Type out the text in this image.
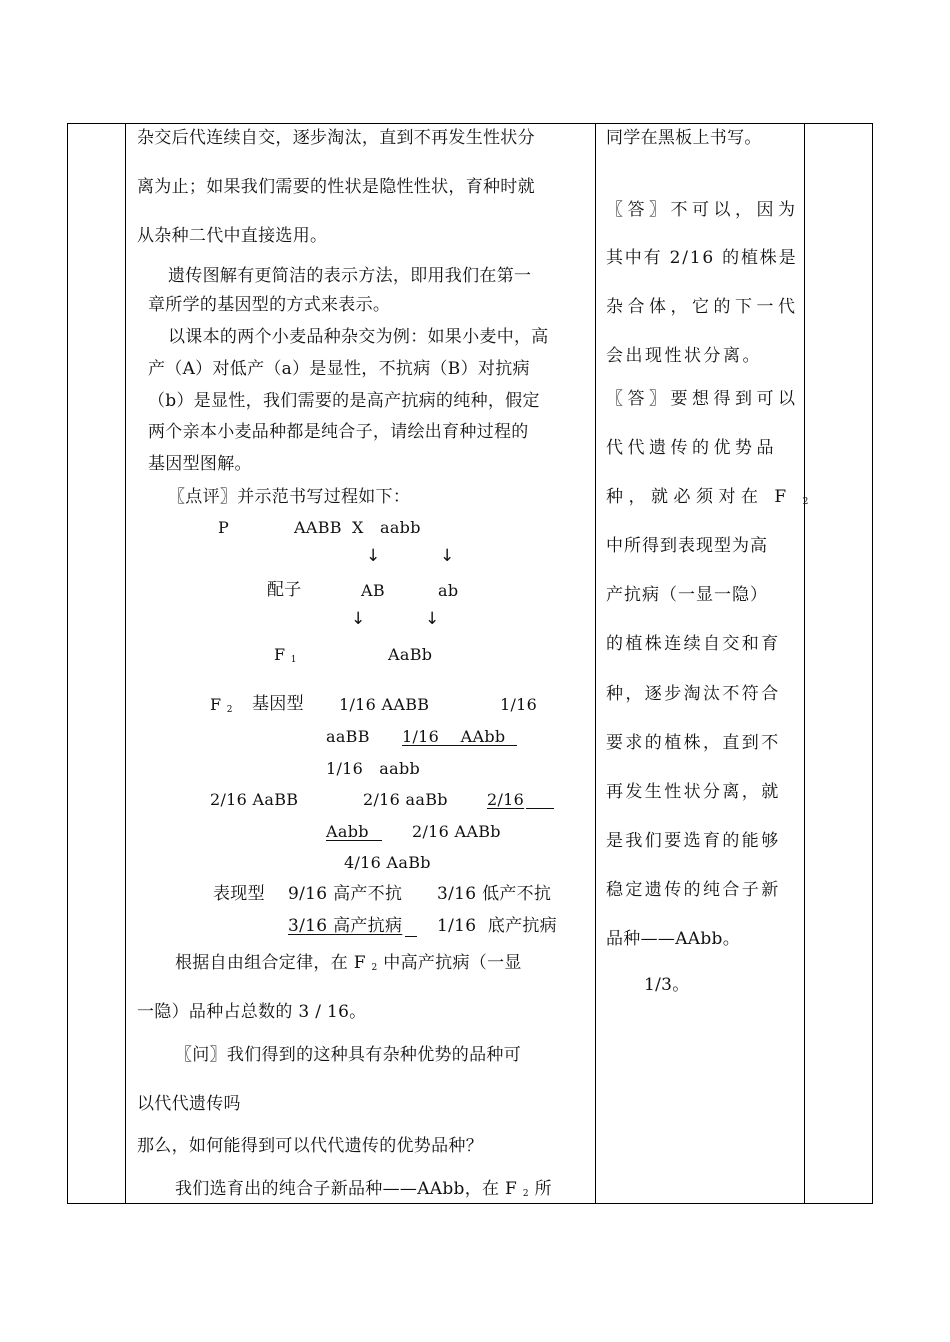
杂交后代连续自交，逐步淘汰，直到不再发生性状分
离为止；如果我们需要的性状是隐性性状，育种时就
从杂种二代中直接选用。
遗传图解有更简洁的表示方法，即用我们在第一
章所学的基因型的方式来表示。
以课本的两个小麦品种杂交为例：如果小麦中，高
产（A）对低产（a）是显性，不抗病（B）对抗病
（b）是显性，我们需要的是高产抗病的纯种，假定
两个亲本小麦品种都是纯合子，请绘出育种过程的
基因型图解。
〖点评〗并示范书写过程如下：
P	AABB X aabb
↓	↓
配子	AB	ab
↓	↓
F $_1$	AaBb
F $_2$ 基因型 1/16 AABB	1/16
aaBB 1/16    AAbb
1/16   aabb
2/16 AaBB	2/16 aaBb 2/16
Aabb	2/16 AABb
4/16 AaBb
表现型 9/16 高产不抗 3/16 低产不抗
3/16 高产抗病 1/16  底产抗病
根据自由组合定律，在 F $_2$ 中高产抗病（一显
一隐）品种占总数的 3 / 16。
〖问〗我们得到的这种具有杂种优势的品种可
以代代遗传吗
那么，如何能得到可以代代遗传的优势品种？
我们选育出的纯合子新品种——AAbb，在 F $_2$ 所
同学在黑板上书写。
〖答〗不可以，因为
其中有 2/16 的植株是
杂合体，它的下一代
会出现性状分离。
〖答〗要想得到可以
代代遗传的优势品
种，就必须对在 F $_2$
中所得到表现型为高
产抗病（一显一隐）
的植株连续自交和育
种，逐步淘汰不符合
要求的植株，直到不
再发生性状分离，就
是我们要选育的能够
稳定遗传的纯合子新
品种——AAbb。
1/3。
